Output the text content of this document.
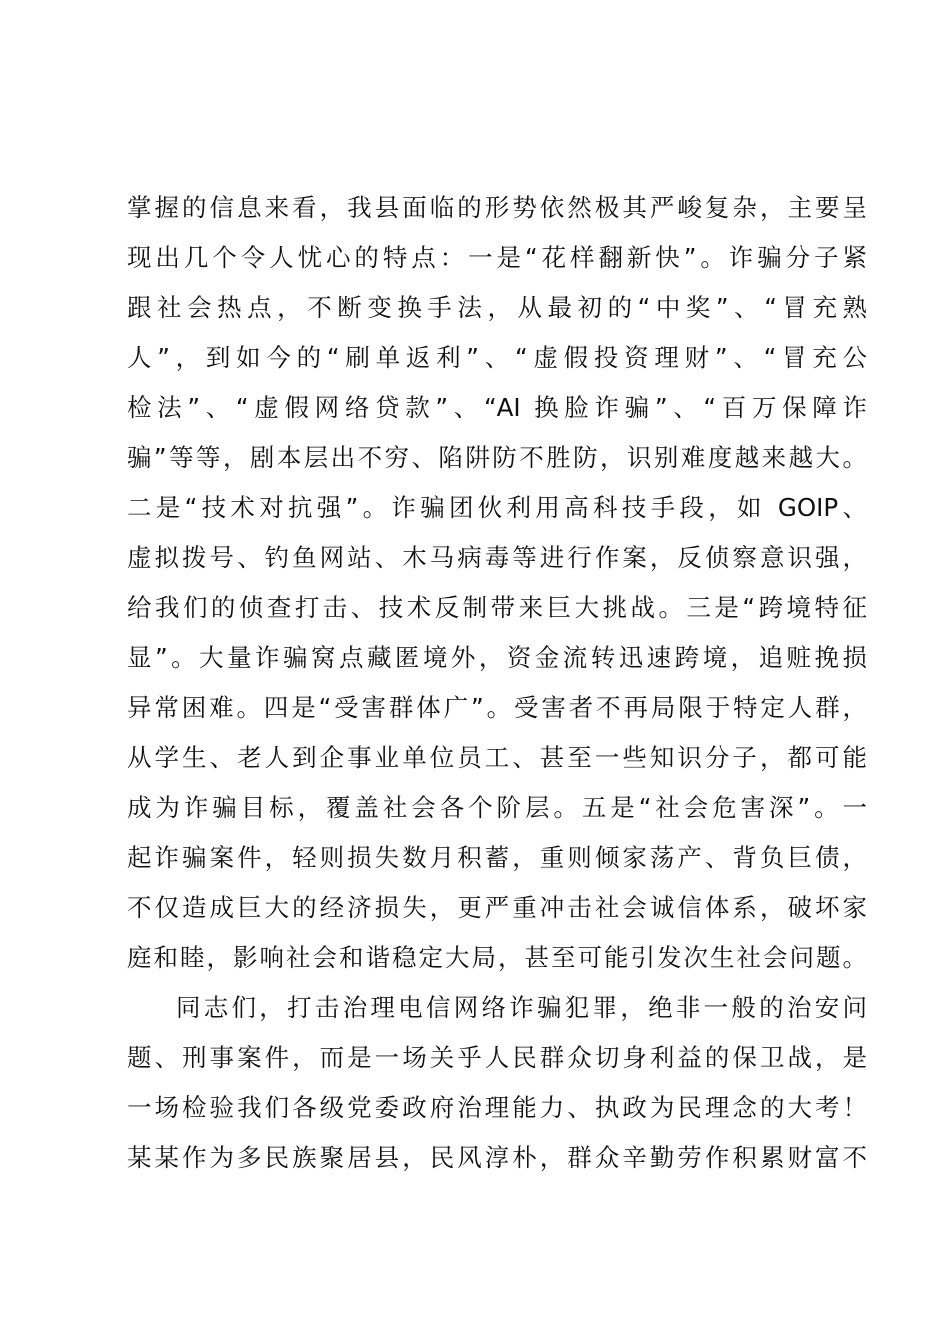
掌握的信息来看，我县面临的形势依然极其严峻复杂，主要呈
现出几个令人忧心的特点：一是“花样翻新快”。诈骗分子紧
跟社会热点，不断变换手法，从最初的“中奖”、“冒充熟
人”，到如今的“刷单返利”、“虚假投资理财”、“冒充公
检法”、“虚假网络贷款”、“AI 换脸诈骗”、“百万保障诈
骗”等等，剧本层出不穷、陷阱防不胜防，识别难度越来越大。
二是“技术对抗强”。诈骗团伙利用高科技手段，如 GOIP、
虚拟拨号、钓鱼网站、木马病毒等进行作案，反侦察意识强，
给我们的侦查打击、技术反制带来巨大挑战。三是“跨境特征
显”。大量诈骗窝点藏匿境外，资金流转迅速跨境，追赃挽损
异常困难。四是“受害群体广”。受害者不再局限于特定人群，
从学生、老人到企事业单位员工、甚至一些知识分子，都可能
成为诈骗目标，覆盖社会各个阶层。五是“社会危害深”。一
起诈骗案件，轻则损失数月积蓄，重则倾家荡产、背负巨债，
不仅造成巨大的经济损失，更严重冲击社会诚信体系，破坏家
庭和睦，影响社会和谐稳定大局，甚至可能引发次生社会问题。
同志们，打击治理电信网络诈骗犯罪，绝非一般的治安问
题、刑事案件，而是一场关乎人民群众切身利益的保卫战，是
一场检验我们各级党委政府治理能力、执政为民理念的大考！
某某作为多民族聚居县，民风淳朴，群众辛勤劳作积累财富不
